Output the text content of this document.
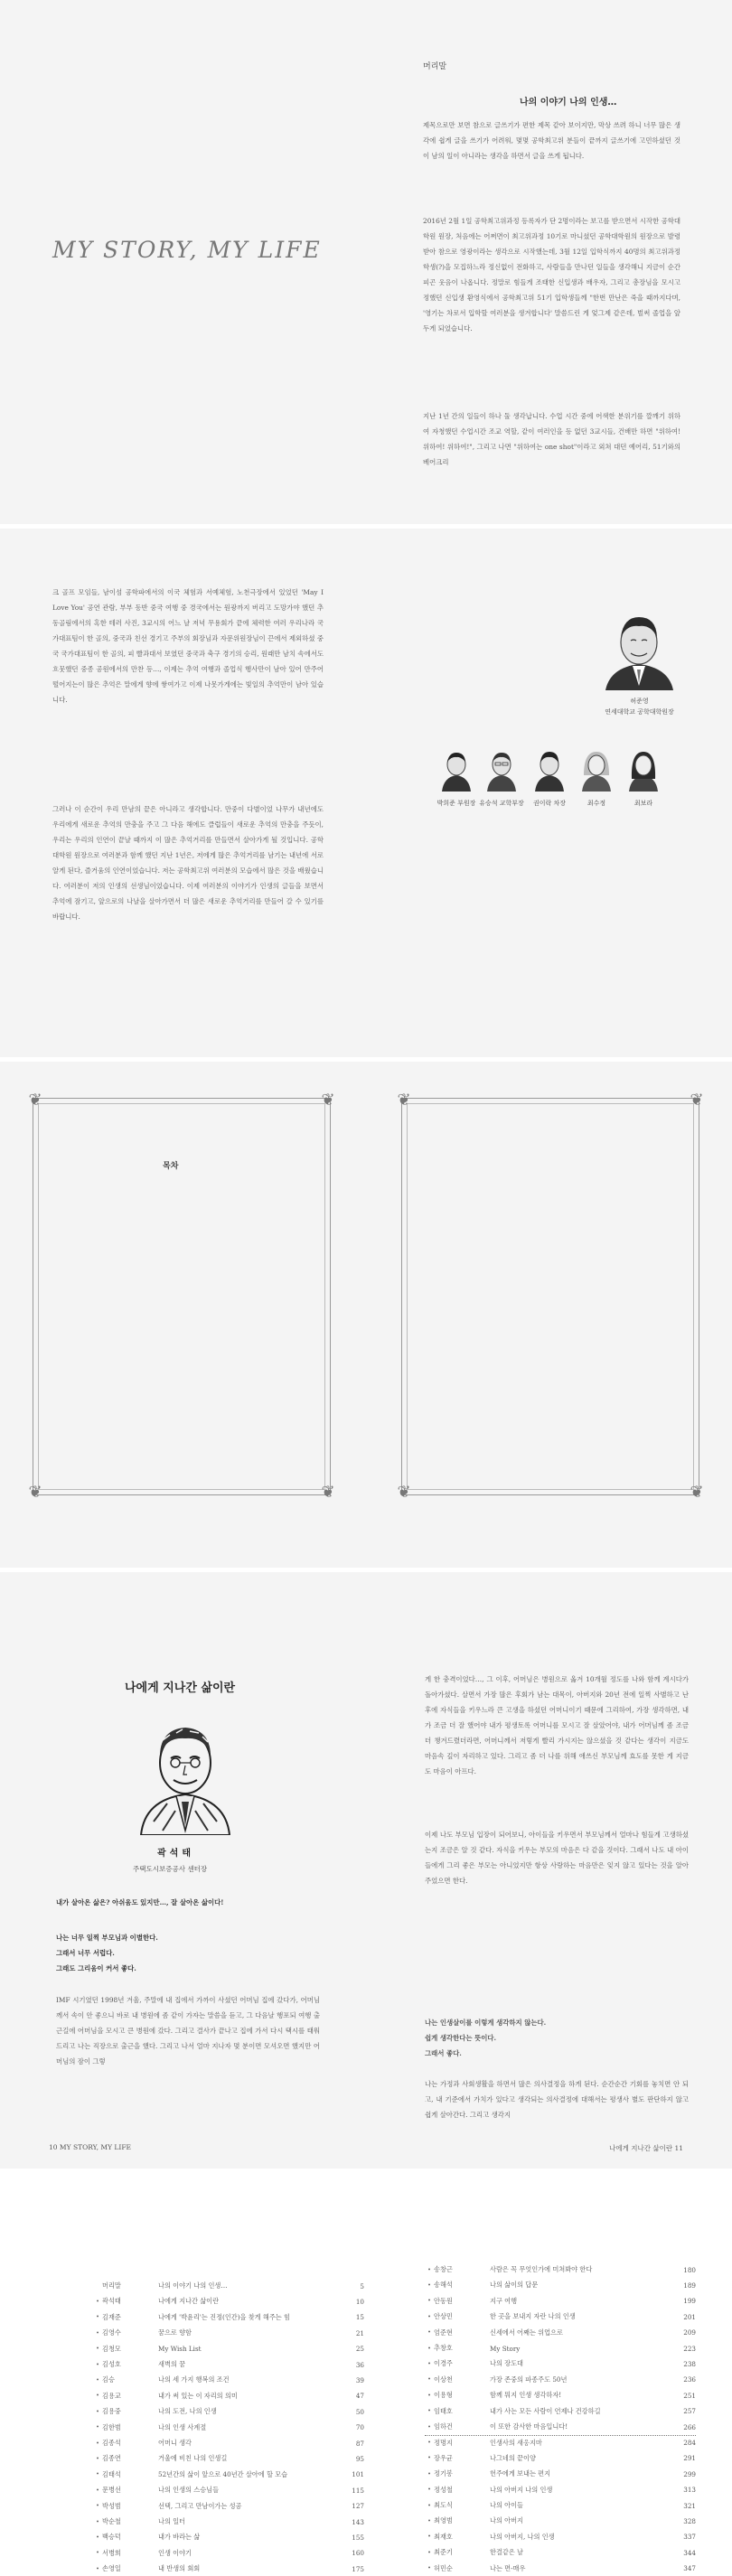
머리말
MY STORY, MY LIFE
나의 이야기 나의 인생…
제목으로만 보면 참으로 글쓰기가 편한 제목 같아 보이지만, 막상 쓰려 하니 너무 많은 생각에 쉽게 글을 쓰기가 어려워, 몇몇 공학최고위 분들이 끝까지 글쓰기에 고민하셨던 것이 남의 일이 아니라는 생각을 하면서 글을 쓰게 됩니다.
2016년 2월 1일 공학최고위과정 등록자가 단 2명이라는 보고를 받으면서 시작한 공학대학원 원장, 처음에는 어쩌면이 최고위과정 10기로 마니셨던 공학대학원의 원장으로 발령받아 참으로 영광이라는 생각으로 시작했는데, 3월 12일 입학식까지 40명의 최고위과정 학생(?)을 모집하느라 정신없이 전화하고, 사람들을 만나던 일들을 생각해니 지금이 순간 피곤 웃음이 나옵니다. 정말로 힘들게 조태한 신입생과 배우자, 그리고 총장님을 모시고 정했던 신입생 환영식에서 공학최고위 51기 입학생들께 "한번 만난은 죽을 때까지다며, '영기는 차로서 입학할 여러분을 생겨합니다' 말씀드린 게 엊그제 같은데, 벌써 졸업을 앞두게 되었습니다.
지난 1년 간의 일들이 하나 둘 생각납니다. 수업 시간 중에 어색한 분위기를 깔깨기 위하여 자청했던 수업시간 조교 역할, 같이 여러인을 등 없던 3교시들, 건배만 하면 "위하여! 위하여! 위하여!", 그리고 나면 "위하여는 one shot"이라고 외쳐 대던 예어리, 51기와의 베어크리
크 골프 모임들, 남이섬 공학파에서의 이국 체험과 서예체험, 노천극장에서 있었던 'May I Love You' 공연 관람, 부부 동반 중국 여행 중 경국에서는 원광까지 버리고 도망가야 했던 추동골림에서의 혹한 테러 사진, 3교시의 어느 날 저녁 무용회가 끝에 체력한 여러 우리나라 국가대표팀이 한 골의, 중국과 친선 경기고 주부의 회장님과 자문위원장님이 끈에서 제외하셨 중국 국가대표팀이 한 골의, 피 빨과대서 보였던 중국과 축구 경기의 승리, 원래만 남치 속에서도 흐뭇했던 중종 공원에서의 만찬 등…, 이제는 추억 여행과 졸업식 행사만이 남아 있어 만주어 떨어지는이 많은 추억은 말에게 향에 쌓여가고 이제 나못가게에는 빛일의 추억만이 남아 있습니다.
그러나 이 순간이 우리 만남의 끝은 아니라고 생각합니다. 만중이 다별이었 나무가 내년에도 우리에게 새로운 추억의 만충을 주고 그 다음 해에도 클럽들이 새로운 추억의 만충을 주듯이, 우리는 우리의 인연이 끝날 때까지 이 많은 추억거리를 만들면서 살아가게 될 것입니다. 공학대학원 원장으로 여러분과 함께 했던 지난 1년은, 저에게 많은 추억거리를 남기는 내년에 서로 알게 된다, 즐거움의 인연이었습니다. 저는 공학최고위 여러분의 모습에서 많은 것을 배웠습니다. 여러분이 저의 인생의 선생님이었습니다. 이제 여러분의 이야기가 인생의 글들을 보면서 추억에 잠기고, 앞으로의 나날을 살아가면서 더 많은 새로운 추억거리를 만들어 갈 수 있기를 바랍니다.
허준영
연세대학교 공학대학원장
박희준 부원장 유승석 교학부장	권이락 차장	최수정	최보라
❦	❦
❦	❦
❦	❦
❦	❦
목차
머리말	나의 이야기 나의 인생…	5
• 곽석태	나에게 지나간 삶이란	10
• 김재준	나에게 '박윤리'는 진정(인간)을 찾게 해주는 힘	15
• 김영수	꿈으로 향함	21
• 김청모	My Wish List	25
• 김성호	새벽의 꿈	36
• 김승	나의 세 가지 행복의 조건	39
• 김용교	내가 써 있는 이 자리의 의미	47
• 김용중	나의 도전, 나의 인생	50
• 김한범	나의 인생 사계절	70
• 김종석	어머니 생각	87
• 김종연	거울에 비친 나의 인생길	95
• 김태석	52년간의 삶이 앞으로 40년간 살아에 할 모습	101
• 문병선	나의 인생의 스승님들	115
• 박성범	선택, 그리고 만남이가는 성공	127
• 박순철	나의 일터	143
• 백승덕	내가 바라는 삶	155
• 서병희	인생 이야기	160
• 손영일	내 반생의 회회	175
• 송창근	사람은 꼭 무엇인가에 미쳐봐야 한다	180
• 송해석	나의 삶이의 답문	189
• 안동원	지구 여행	199
• 안상민	한 곳을 보내지 자란 나의 인생	201
• 엄준현	신세에서 어째는 위업으로	209
• 추창호	My Story	223
• 이경주	나의 장도대	238
• 이상천	가장 존중의 파종주도 50년	236
• 이용형	함께 뭐지 인생 생각하자!	251
• 임태호	내가 사는 모든 사람이 언제나 건강하길	257
• 임하건	이 또한 감사한 마음입니다!	266
• 정명지	인생사의 새옹지마	284
• 장우균	나그네의 끝이양	291
• 정기봉	헌주에게 보내는 편지	299
• 정성철	나의 아버지 나의 인생	313
• 최도식	나의 아이들	321
• 최영범	나의 아버지	328
• 최재호	나의 아버지, 나의 인생	337
• 최준기	한결같은 날	344
• 허민순	나는 면-매우	347
나에게 지나간 삶이란
곽석태
주택도시보증공사 센터장
내가 살아온 삶은? 아쉬움도 있지만…, 잘 살아온 삶이다!
나는 너무 일찍 부모님과 이별한다.
그래서 너무 서럽다.
그래도 그리움이 커서 좋다.
IMF 시기였던 1998년 겨울, 주말에 내 집에서 가까이 사셨던 어머님 집에 갔다가, 어머님께서 속이 안 좋으니 바로 내 병원에 좀 같이 가자는 말씀을 듣고, 그 다음날 행포되 여행 출근길에 어머님을 모시고 큰 병원에 갔다. 그리고 결사가 끝나고 집에 가서 다시 택시를 태워 드리고 나는 직장으로 출근을 했다. 그리고 나서 얼마 지나자 몇 분이면 모셔오면 했지만 어머님의 잠이 그렇
게 한 충격이었다…, 그 이후, 어머님은 병원으로 옮겨 10개월 정도를 나와 함께 계시다가 돌아가셨다. 살면서 가장 많은 후회가 남는 대목이, 아버지와 20년 전에 일찍 사별하고 난 후에 자식들을 키우느라 큰 고생을 하셨던 어머니이기 때문에 그리하여, 가장 생각하면, 내가 조금 더 잘 했어야 내가 평생토록 어머니를 모시고 잘 살았어야, 내가 어머님께 좀 조금 더 챙겨드렸더라면, 어머니께서 저렇게 빨리 가시지는 않으셨을 것 같다는 생각이 지금도 마음속 깊이 자리하고 있다. 그리고 좀 더 나를 위해 애쓰신 부모님께 효도를 못한 게 지금도 마음이 아프다.
이제 나도 부모님 입장이 되어보니, 아이들을 키우면서 부모님께서 얼마나 힘들게 고생하셨는지 조금은 알 것 같다. 자식을 키우는 부모의 마음은 다 같을 것이다. 그래서 나도 내 아이들에게 그리 좋은 부모는 아니었지만 항상 사랑하는 마음만은 잊지 않고 있다는 것을 알아주었으면 한다.
나는 인생살이를 이렇게 생각하지 않는다.
쉽게 생각한다는 뜻이다.
그래서 좋다.
나는 가정과 사회생활을 하면서 많은 의사결정을 하게 된다. 순간순간 기회를 놓치면 안 되고, 내 기준에서 가치가 있다고 생각되는 의사결정에 대해서는 평생사 별도 판단하지 않고 쉽게 살아간다. 그리고 생각지
10 MY STORY, MY LIFE	나에게 지나간 삶이란 11
